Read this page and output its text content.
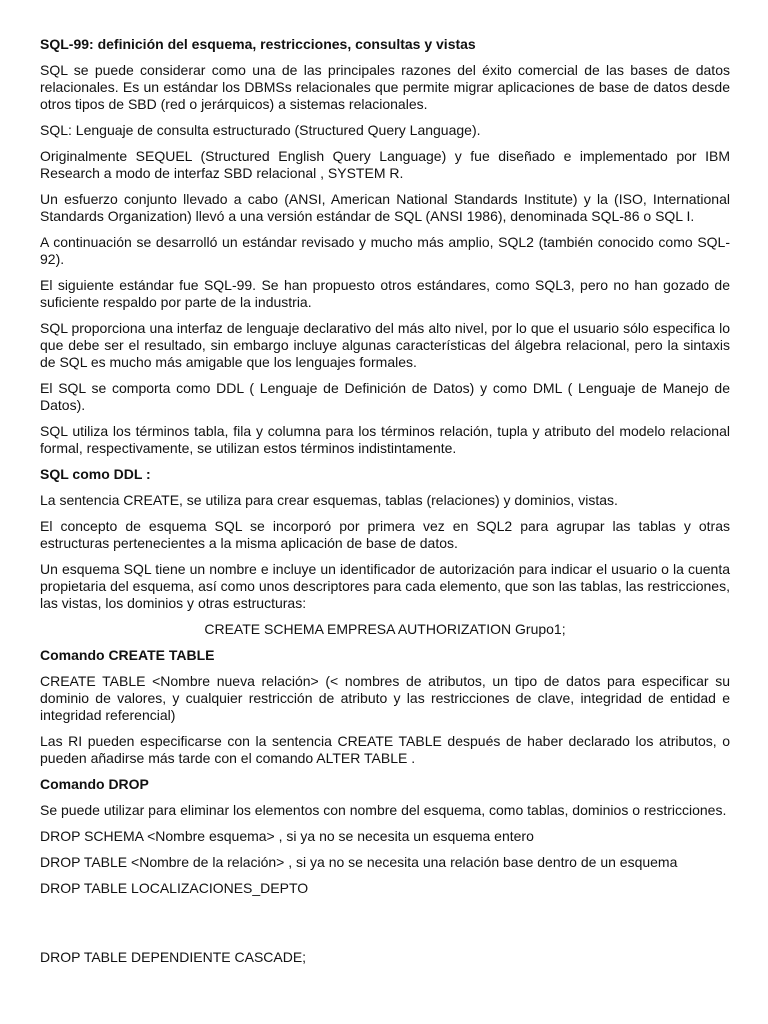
SQL-99: definición del esquema, restricciones, consultas y vistas

SQL se puede considerar como una de las principales razones del éxito comercial de las bases de datos relacionales. Es un estándar los DBMSs relacionales que permite migrar aplicaciones de base de datos desde otros tipos de SBD (red o jerárquicos) a sistemas relacionales.

SQL: Lenguaje de consulta estructurado (Structured Query Language).

Originalmente SEQUEL (Structured English Query Language) y fue diseñado e implementado por IBM Research a modo de interfaz SBD relacional , SYSTEM R.

Un esfuerzo conjunto llevado a cabo (ANSI, American National Standards Institute) y la (ISO, International Standards Organization) llevó a una versión estándar de SQL (ANSI 1986), denominada SQL-86 o SQL I.

A continuación se desarrolló un estándar revisado y mucho más amplio, SQL2 (también conocido como SQL-92).

El siguiente estándar fue SQL-99. Se han propuesto otros estándares, como SQL3, pero no han gozado de suficiente respaldo por parte de la industria.

SQL proporciona una interfaz de lenguaje declarativo del más alto nivel, por lo que el usuario sólo especifica lo que debe ser el resultado, sin embargo incluye algunas características del álgebra relacional, pero la sintaxis de SQL es mucho más amigable que los lenguajes formales.

El SQL se comporta como DDL ( Lenguaje de Definición de Datos) y como DML ( Lenguaje de Manejo de Datos).

SQL utiliza los términos tabla, fila y columna para los términos relación, tupla y atributo del modelo relacional formal, respectivamente, se utilizan estos términos indistintamente.

SQL como DDL :

La sentencia CREATE, se utiliza para crear esquemas, tablas (relaciones) y dominios, vistas.

El concepto de esquema SQL se incorporó por primera vez en SQL2 para agrupar las tablas y otras estructuras pertenecientes a la misma aplicación de base de datos.

Un esquema SQL tiene un nombre e incluye un identificador de autorización para indicar el usuario o la cuenta propietaria del esquema, así como unos descriptores para cada elemento, que son las tablas, las restricciones, las vistas, los dominios y otras estructuras:

CREATE SCHEMA EMPRESA AUTHORIZATION Grupo1;

Comando CREATE TABLE

CREATE TABLE <Nombre nueva relación> (< nombres de atributos, un tipo de datos para especificar su dominio de valores, y cualquier restricción de atributo y las restricciones de clave, integridad de entidad e integridad referencial)

Las RI pueden especificarse con la sentencia CREATE TABLE después de haber declarado los atributos, o pueden añadirse más tarde con el comando ALTER TABLE .

Comando DROP

Se puede utilizar para eliminar los elementos con nombre del esquema, como tablas, dominios o restricciones.

DROP SCHEMA <Nombre esquema> , si ya no se necesita un esquema entero

DROP TABLE <Nombre de la relación> , si ya no se necesita una relación base dentro de un esquema

DROP TABLE LOCALIZACIONES_DEPTO

DROP TABLE DEPENDIENTE CASCADE;
